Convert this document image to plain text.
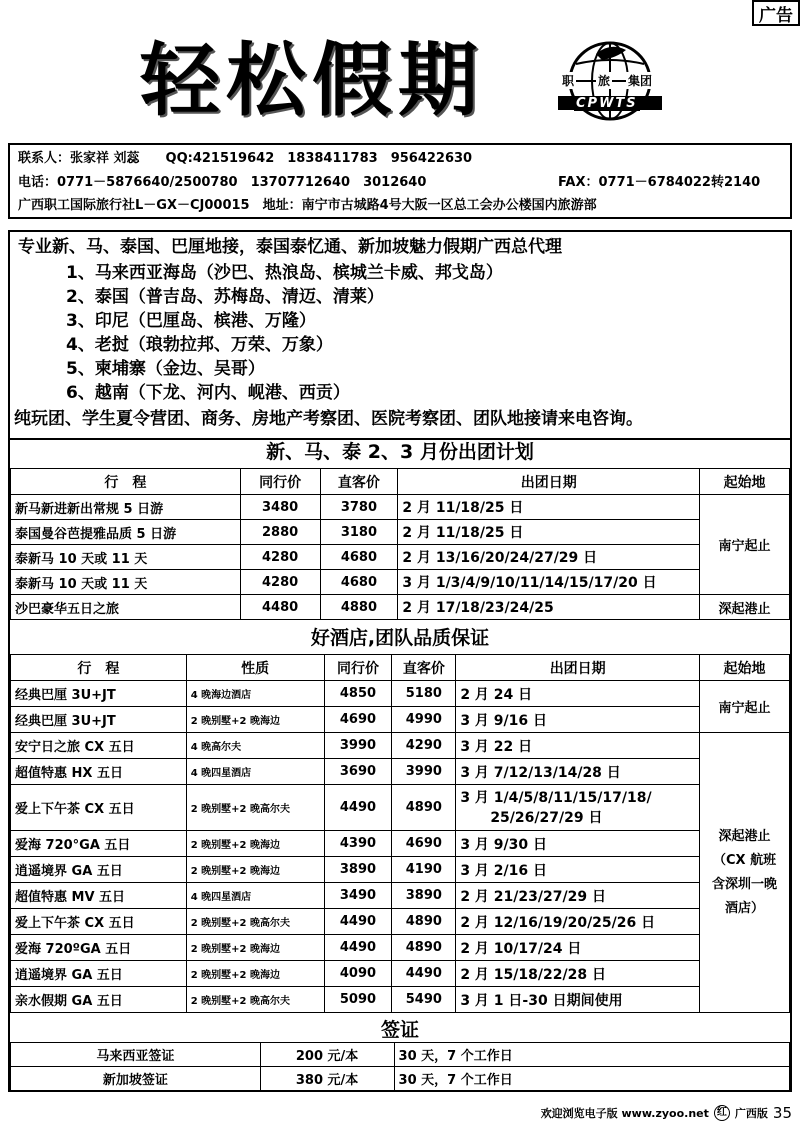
广告
轻松假期	职 旅 集团
CPWTS
联系人：张家祥 刘蕊　　QQ:421519642　1838411783　956422630
电话：0771－5876640/2500780　13707712640　3012640	FAX：0771－6784022转2140
广西职工国际旅行社L－GX－CJ00015　地址：南宁市古城路4号大阪一区总工会办公楼国内旅游部
专业新、马、泰国、巴厘地接，泰国泰忆通、新加坡魅力假期广西总代理
1、马来西亚海岛（沙巴、热浪岛、槟城兰卡威、邦戈岛）
2、泰国（普吉岛、苏梅岛、清迈、清莱）
3、印尼（巴厘岛、槟港、万隆）
4、老挝（琅勃拉邦、万荣、万象）
5、柬埔寨（金边、吴哥）
6、越南（下龙、河内、岘港、西贡）
纯玩团、学生夏令营团、商务、房地产考察团、医院考察团、团队地接请来电咨询。
新、马、泰 2、3 月份出团计划
行　程	同行价	直客价	出团日期	起始地
新马新进新出常规 5 日游	3480	3780	2 月 11/18/25 日	南宁起止
泰国曼谷芭提雅品质 5 日游	2880	3180	2 月 11/18/25 日	
泰新马 10 天或 11 天	4280	4680	2 月 13/16/20/24/27/29 日	
泰新马 10 天或 11 天	4280	4680	3 月 1/3/4/9/10/11/14/15/17/20 日	
沙巴豪华五日之旅	4480	4880	2 月 17/18/23/24/25	深起港止
好酒店,团队品质保证
行　程	性质	同行价	直客价	出团日期	起始地
经典巴厘 3U+JT	4 晚海边酒店	4850	5180	2 月 24 日	南宁起止
经典巴厘 3U+JT	2 晚别墅+2 晚海边	4690	4990	3 月 9/16 日	
安宁日之旅 CX 五日	4 晚高尔夫	3990	4290	3 月 22 日	深起港止
（CX 航班
含深圳一晚
酒店）

超值特惠 HX 五日	4 晚四星酒店	3690	3990	3 月 7/12/13/14/28 日	
爱上下午茶 CX 五日	2 晚别墅+2 晚高尔夫	4490	4890	3 月 1/4/5/8/11/15/17/18/
25/26/27/29 日	

爱海 720°GA 五日	2 晚别墅+2 晚海边	4390	4690	3 月 9/30 日	
逍遥境界 GA 五日	2 晚别墅+2 晚海边	3890	4190	3 月 2/16 日	
超值特惠 MV 五日	4 晚四星酒店	3490	3890	2 月 21/23/27/29 日	
爱上下午茶 CX 五日	2 晚别墅+2 晚高尔夫	4490	4890	2 月 12/16/19/20/25/26 日	
爱海 720ºGA 五日	2 晚别墅+2 晚海边	4490	4890	2 月 10/17/24 日	
逍遥境界 GA 五日	2 晚别墅+2 晚海边	4090	4490	2 月 15/18/22/28 日	
亲水假期 GA 五日	2 晚别墅+2 晚高尔夫	5090	5490	3 月 1 日-30 日期间使用	
签证
马来西亚签证	200 元/本	30 天，7 个工作日
新加坡签证	380 元/本	30 天，7 个工作日
欢迎浏览电子版 www.zyoo.net 红 广西版 35
